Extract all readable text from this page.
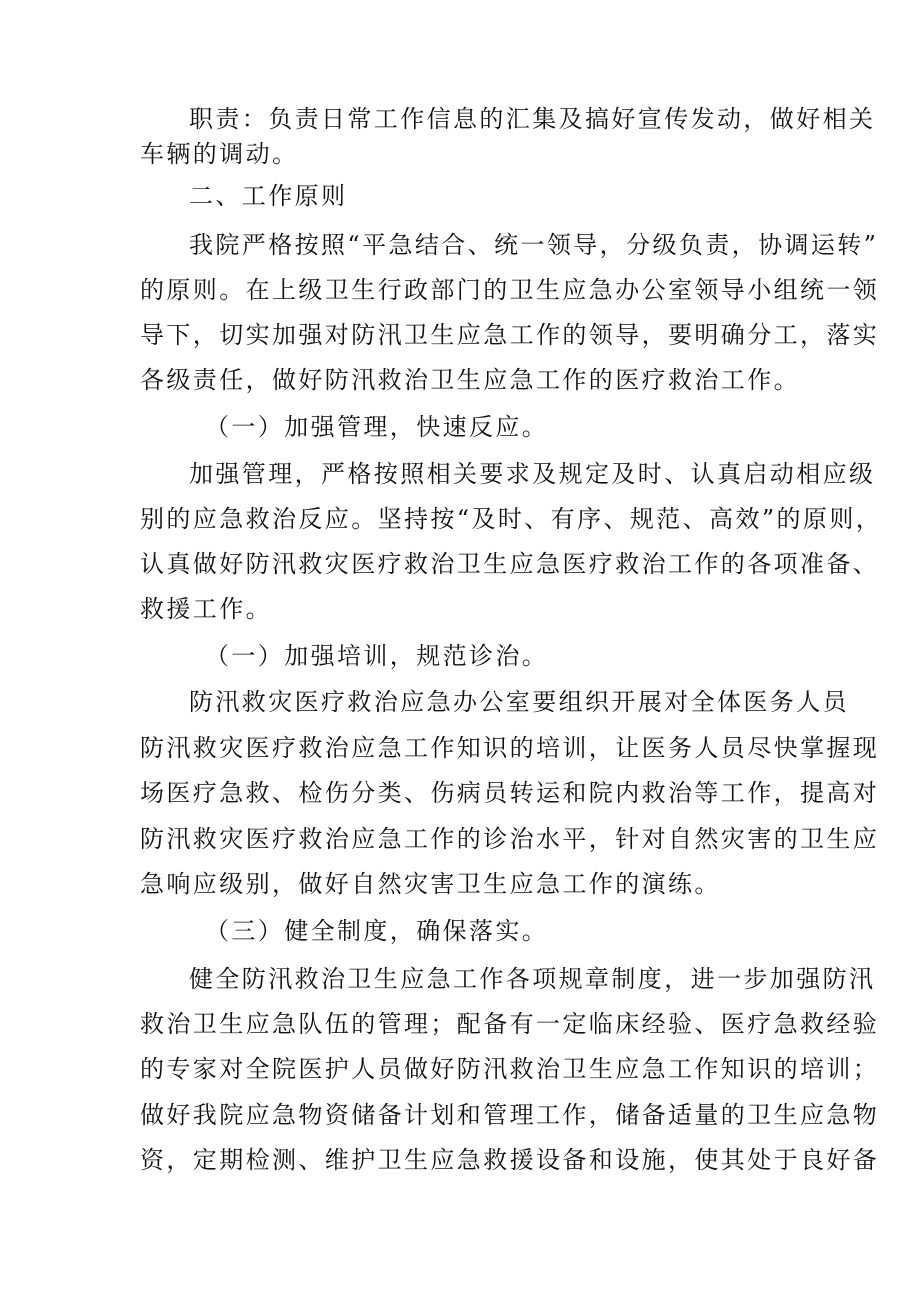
职责：负责日常工作信息的汇集及搞好宣传发动，做好相关
车辆的调动。
二、工作原则
我院严格按照“平急结合、统一领导，分级负责，协调运转”
的原则。在上级卫生行政部门的卫生应急办公室领导小组统一领
导下，切实加强对防汛卫生应急工作的领导，要明确分工，落实
各级责任，做好防汛救治卫生应急工作的医疗救治工作。
（一）加强管理，快速反应。
加强管理，严格按照相关要求及规定及时、认真启动相应级
别的应急救治反应。坚持按“及时、有序、规范、高效”的原则，
认真做好防汛救灾医疗救治卫生应急医疗救治工作的各项准备、
救援工作。
（一）加强培训，规范诊治。
防汛救灾医疗救治应急办公室要组织开展对全体医务人员
防汛救灾医疗救治应急工作知识的培训，让医务人员尽快掌握现
场医疗急救、检伤分类、伤病员转运和院内救治等工作，提高对
防汛救灾医疗救治应急工作的诊治水平，针对自然灾害的卫生应
急响应级别，做好自然灾害卫生应急工作的演练。
（三）健全制度，确保落实。
健全防汛救治卫生应急工作各项规章制度，进一步加强防汛
救治卫生应急队伍的管理；配备有一定临床经验、医疗急救经验
的专家对全院医护人员做好防汛救治卫生应急工作知识的培训；
做好我院应急物资储备计划和管理工作，储备适量的卫生应急物
资，定期检测、维护卫生应急救援设备和设施，使其处于良好备
